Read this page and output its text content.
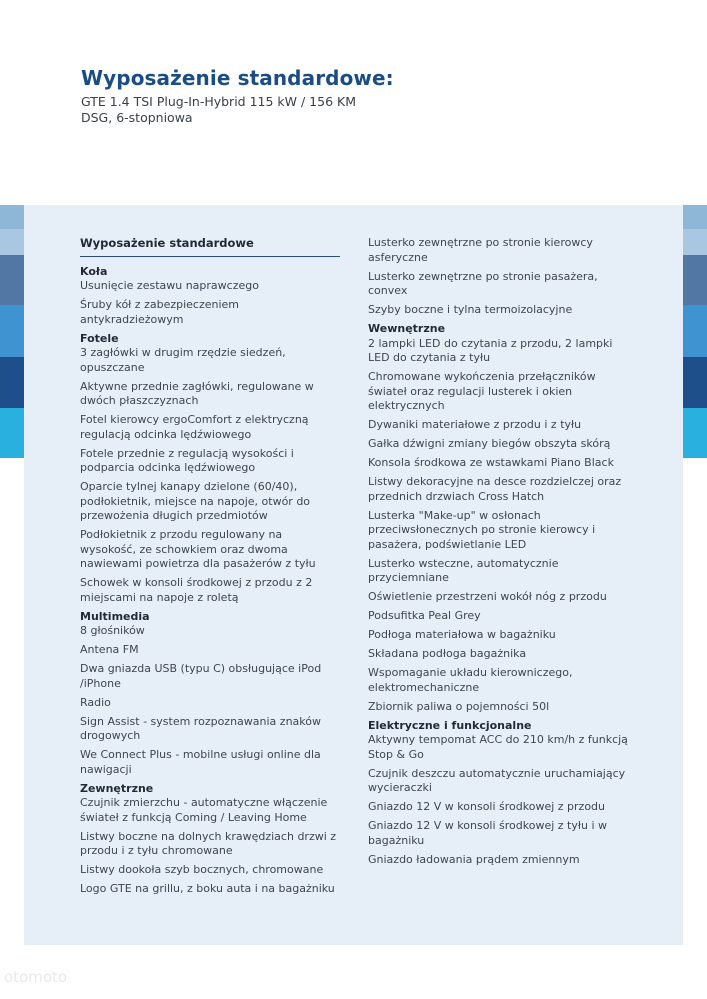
Wyposażenie standardowe:
GTE 1.4 TSI Plug-In-Hybrid 115 kW / 156 KM DSG, 6-stopniowa
Wyposażenie standardowe
Koła
Usunięcie zestawu naprawczego
Śruby kół z zabezpieczeniem antykradzieżowym
Fotele
3 zagłówki w drugim rzędzie siedzeń, opuszczane
Aktywne przednie zagłówki, regulowane w dwóch płaszczyznach
Fotel kierowcy ergoComfort z elektryczną regulacją odcinka lędźwiowego
Fotele przednie z regulacją wysokości i podparcia odcinka lędźwiowego
Oparcie tylnej kanapy dzielone (60/40), podłokietnik, miejsce na napoje, otwór do przewożenia długich przedmiotów
Podłokietnik z przodu regulowany na wysokość, ze schowkiem oraz dwoma nawiewami powietrza dla pasażerów z tyłu
Schowek w konsoli środkowej z przodu z 2 miejscami na napoje z roletą
Multimedia
8 głośników
Antena FM
Dwa gniazda USB (typu C) obsługujące iPod /iPhone
Radio
Sign Assist - system rozpoznawania znaków drogowych
We Connect Plus - mobilne usługi online dla nawigacji
Zewnętrzne
Czujnik zmierzchu - automatyczne włączenie świateł z funkcją Coming / Leaving Home
Listwy boczne na dolnych krawędziach drzwi z przodu i z tyłu chromowane
Listwy dookoła szyb bocznych, chromowane
Logo GTE na grillu, z boku auta i na bagażniku
Lusterko zewnętrzne po stronie kierowcy asferyczne
Lusterko zewnętrzne po stronie pasażera, convex
Szyby boczne i tylna termoizolacyjne
Wewnętrzne
2 lampki LED do czytania z przodu, 2 lampki LED do czytania z tyłu
Chromowane wykończenia przełączników świateł oraz regulacji lusterek i okien elektrycznych
Dywaniki materiałowe z przodu i z tyłu
Gałka dźwigni zmiany biegów obszyta skórą
Konsola środkowa ze wstawkami Piano Black
Listwy dekoracyjne na desce rozdzielczej oraz przednich drzwiach Cross Hatch
Lusterka "Make-up" w osłonach przeciwsłonecznych po stronie kierowcy i pasażera, podświetlanie LED
Lusterko wsteczne, automatycznie przyciemniane
Oświetlenie przestrzeni wokół nóg z przodu
Podsufitka Peal Grey
Podłoga materiałowa w bagażniku
Składana podłoga bagażnika
Wspomaganie układu kierowniczego, elektromechaniczne
Zbiornik paliwa o pojemności 50l
Elektryczne i funkcjonalne
Aktywny tempomat ACC do 210 km/h z funkcją Stop & Go
Czujnik deszczu automatycznie uruchamiający wycieraczki
Gniazdo 12 V w konsoli środkowej z przodu
Gniazdo 12 V w konsoli środkowej z tyłu i w bagażniku
Gniazdo ładowania prądem zmiennym
otomoto
